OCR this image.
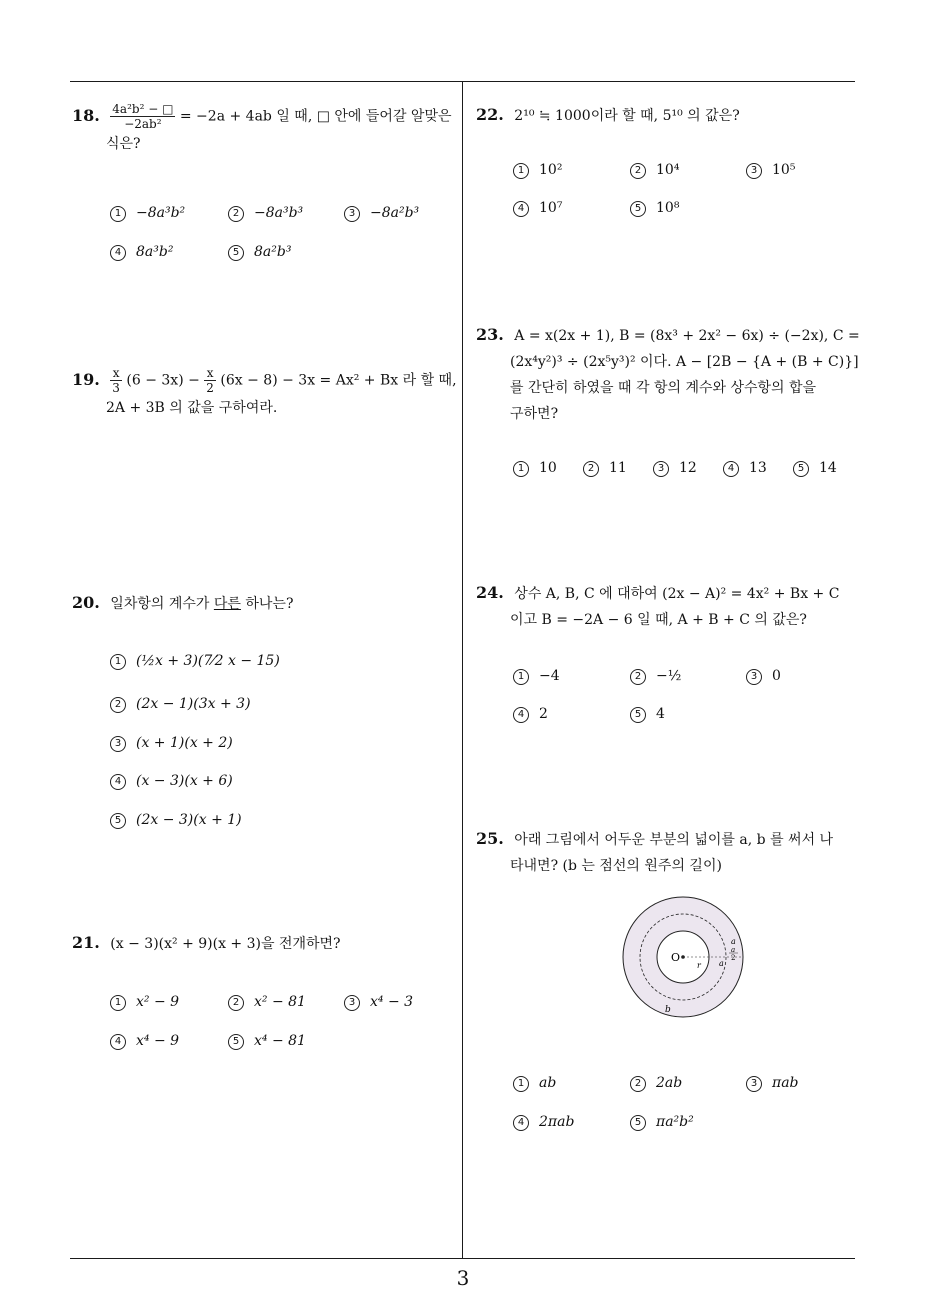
18. $\frac{\text{4a²b² − □}}{\text{−2ab²}} = -2a + 4ab$ 일 때, □ 안에 들어갈 알맞은
식은?
1 −8a³b²	2 −8a³b³	3 −8a²b³
4 8a³b²	5 8a²b³
19. $\frac{x}{3} (6 - 3x) - \frac{x}{2} (6x - 8) - 3x = Ax^2 + Bx$ 라 할 때,
2A + 3B 의 값을 구하여라.
20. 일차항의 계수가 다른 하나는?
1 (½x + 3)(7⁄2 x − 15)
2 (2x − 1)(3x + 3)
3 (x + 1)(x + 2)
4 (x − 3)(x + 6)
5 (2x − 3)(x + 1)
21. (x − 3)(x² + 9)(x + 3)을 전개하면?
1 x² − 9	2 x² − 81	3 x⁴ − 3
4 x⁴ − 9	5 x⁴ − 81
22. 2¹⁰ ≒ 1000이라 할 때, 5¹⁰ 의 값은?
1 10²	2 10⁴	3 10⁵
4 10⁷	5 10⁸
23. A = x(2x + 1), B = (8x³ + 2x² − 6x) ÷ (−2x), C =
(2x⁴y²)³ ÷ (2x⁵y³)² 이다. A − [2B − {A + (B + C)}]
를 간단히 하였을 때 각 항의 계수와 상수항의 합을
구하면?
1 10	2 11	3 12	4 13	5 14
24. 상수 A, B, C 에 대하여 (2x − A)² = 4x² + Bx + C
이고 B = −2A − 6 일 때, A + B + C 의 값은?
1 −4	2 −½	3 0
4 2	5 4
25. 아래 그림에서 어두운 부분의 넓이를 a, b 를 써서 나
타내면? (b 는 점선의 원주의 길이)
O
r a
a
a
2
b
1 ab	2 2ab	3 πab
4 2πab	5 πa²b²
3
